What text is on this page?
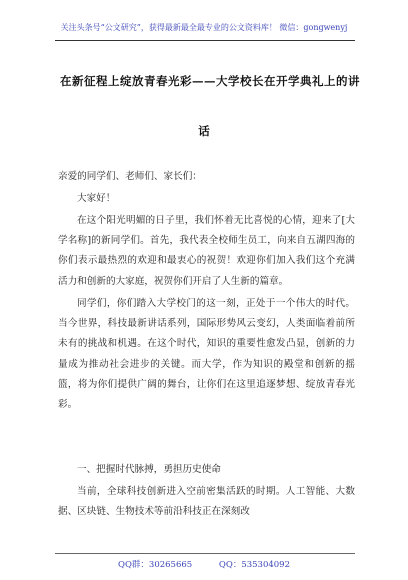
关注头条号“公文研究”，获得最新最全最专业的公文资料库！ 微信：gongwenyj
在新征程上绽放青春光彩——大学校长在开学典礼上的讲
话
亲爱的同学们、老师们、家长们：

大家好！

在这个阳光明媚的日子里，我们怀着无比喜悦的心情，迎来了[大学名称]的新同学们。首先，我代表全校师生员工，向来自五湖四海的你们表示最热烈的欢迎和最衷心的祝贺！欢迎你们加入我们这个充满活力和创新的大家庭，祝贺你们开启了人生新的篇章。

同学们，你们踏入大学校门的这一刻，正处于一个伟大的时代。当今世界，科技最新讲话系列，国际形势风云变幻，人类面临着前所未有的挑战和机遇。在这个时代，知识的重要性愈发凸显，创新的力量成为推动社会进步的关键。而大学，作为知识的殿堂和创新的摇篮，将为你们提供广阔的舞台，让你们在这里追逐梦想、绽放青春光彩。

一、把握时代脉搏，勇担历史使命

当前，全球科技创新进入空前密集活跃的时期。人工智能、大数据、区块链、生物技术等前沿科技正在深刻改

QQ群：30265665	QQ：535304092
